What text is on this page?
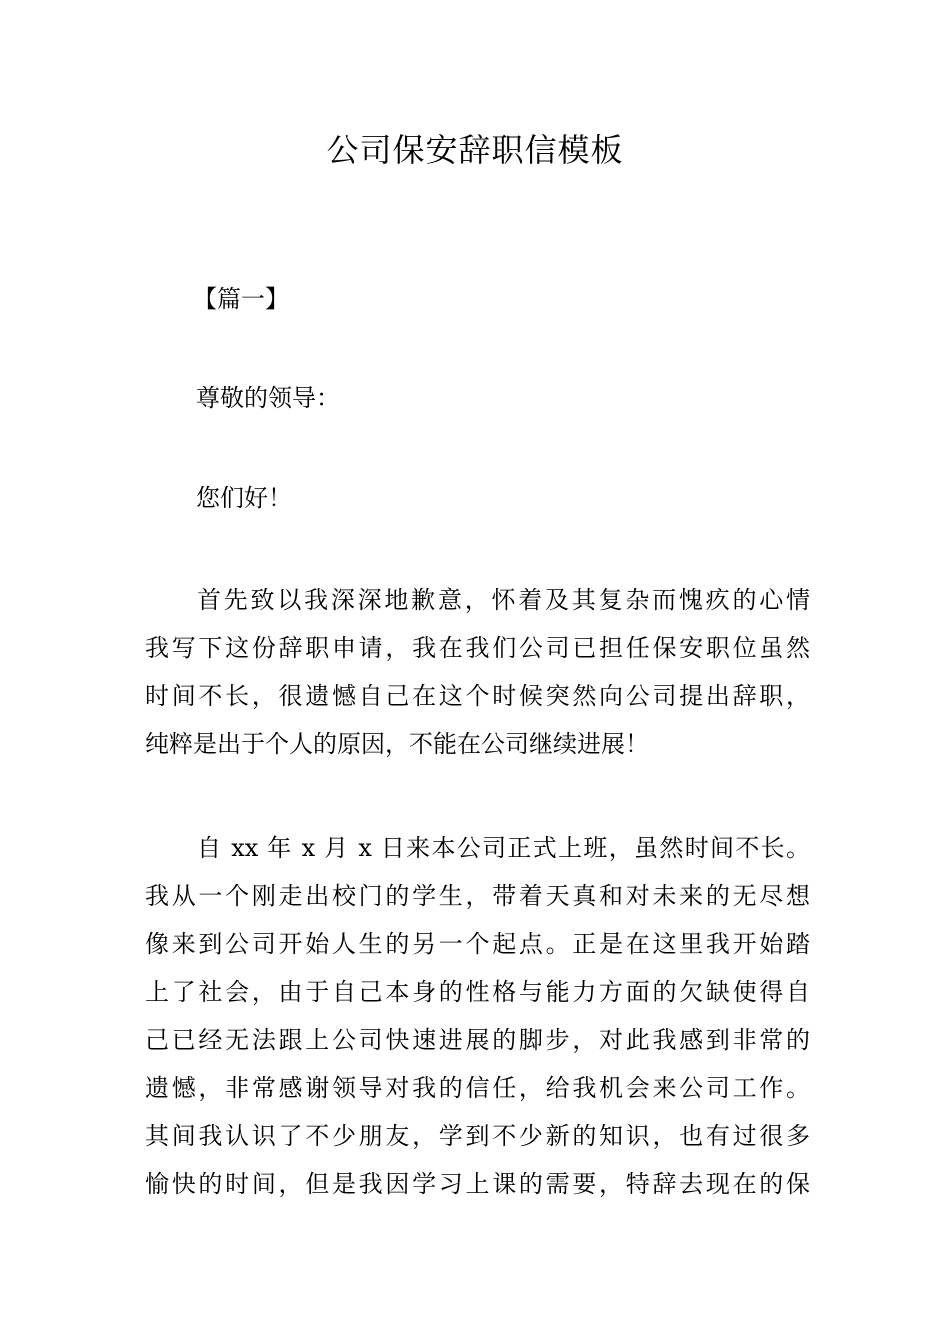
公司保安辞职信模板

【篇一】

尊敬的领导：

您们好！

首先致以我深深地歉意，怀着及其复杂而愧疚的心情
我写下这份辞职申请，我在我们公司已担任保安职位虽然
时间不长，很遗憾自己在这个时候突然向公司提出辞职，
纯粹是出于个人的原因，不能在公司继续进展！
自 xx 年 x 月 x 日来本公司正式上班，虽然时间不长。
我从一个刚走出校门的学生，带着天真和对未来的无尽想
像来到公司开始人生的另一个起点。正是在这里我开始踏
上了社会，由于自己本身的性格与能力方面的欠缺使得自
己已经无法跟上公司快速进展的脚步，对此我感到非常的
遗憾，非常感谢领导对我的信任，给我机会来公司工作。
其间我认识了不少朋友，学到不少新的知识，也有过很多
愉快的时间，但是我因学习上课的需要，特辞去现在的保
